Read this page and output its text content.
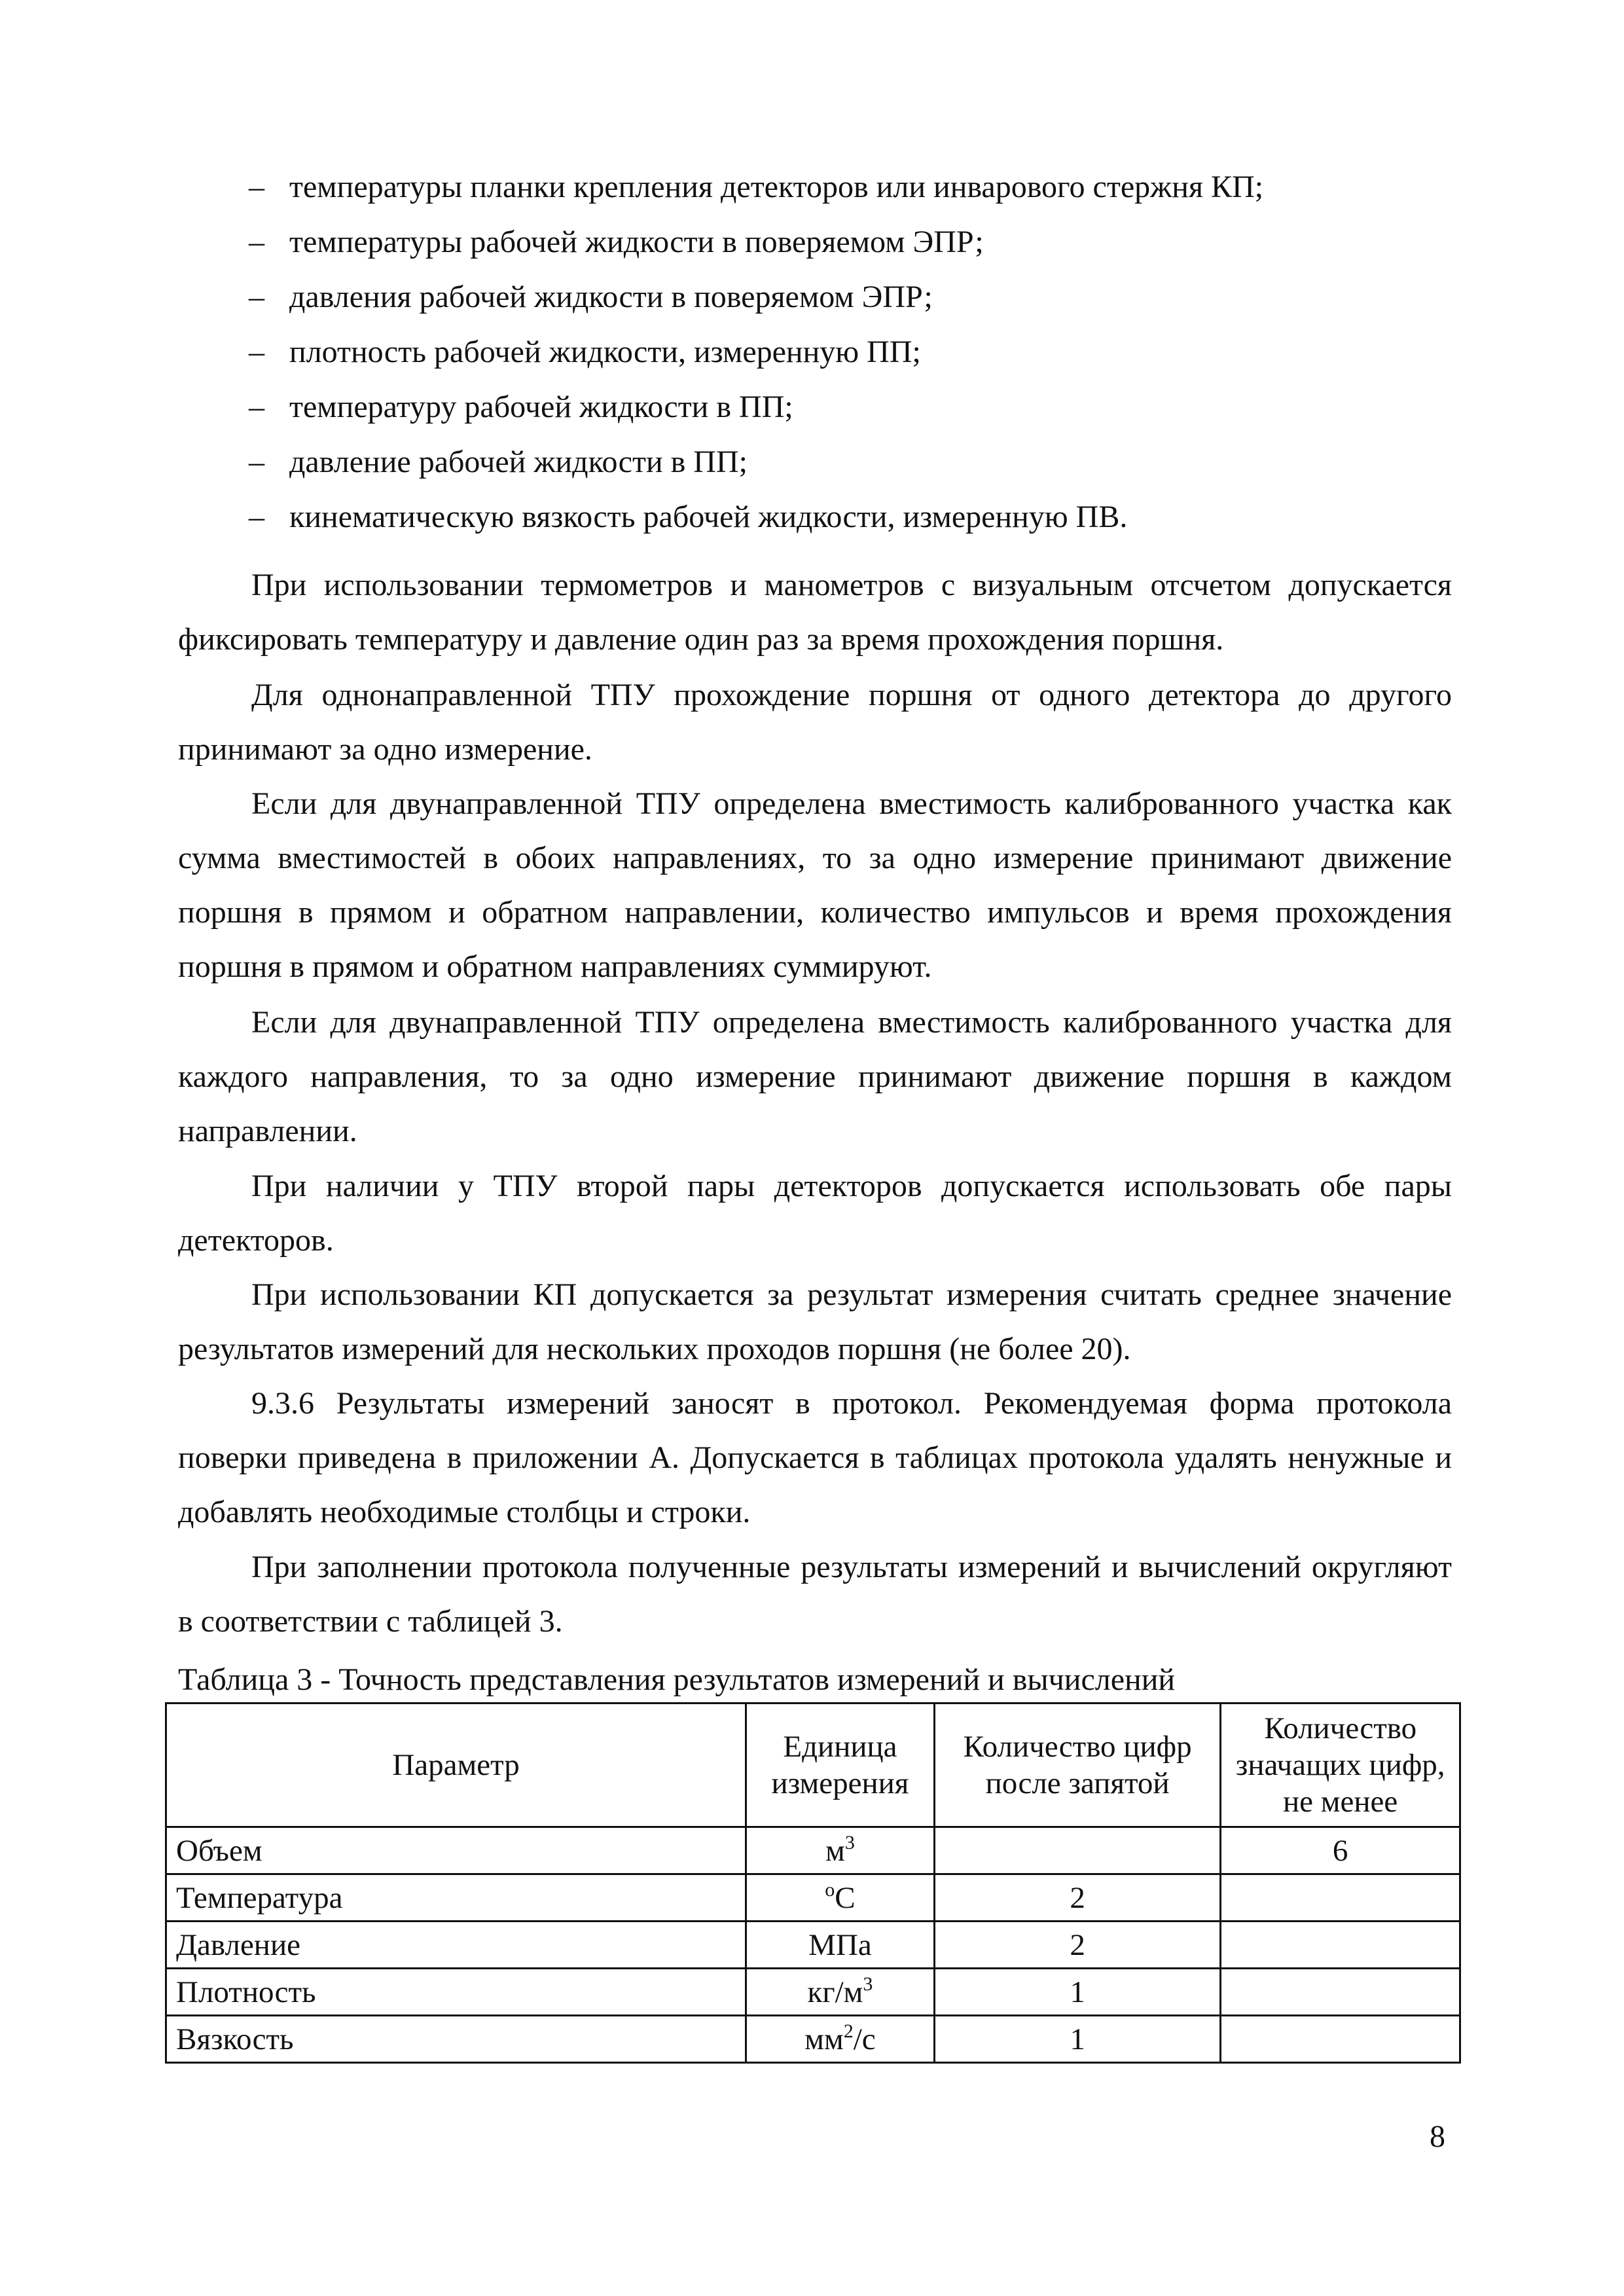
– температуры планки крепления детекторов или инварового стержня КП;
– температуры рабочей жидкости в поверяемом ЭПР;
– давления рабочей жидкости в поверяемом ЭПР;
– плотность рабочей жидкости, измеренную ПП;
– температуру рабочей жидкости в ПП;
– давление рабочей жидкости в ПП;
– кинематическую вязкость рабочей жидкости, измеренную ПВ.

При использовании термометров и манометров с визуальным отсчетом допускается фиксировать температуру и давление один раз за время прохождения поршня.

Для однонаправленной ТПУ прохождение поршня от одного детектора до другого принимают за одно измерение.

Если для двунаправленной ТПУ определена вместимость калиброванного участка как сумма вместимостей в обоих направлениях, то за одно измерение принимают движение поршня в прямом и обратном направлении, количество импульсов и время прохождения поршня в прямом и обратном направлениях суммируют.

Если для двунаправленной ТПУ определена вместимость калиброванного участка для каждого направления, то за одно измерение принимают движение поршня в каждом направлении.

При наличии у ТПУ второй пары детекторов допускается использовать обе пары детекторов.

При использовании КП допускается за результат измерения считать среднее значение результатов измерений для нескольких проходов поршня (не более 20).

9.3.6 Результаты измерений заносят в протокол. Рекомендуемая форма протокола поверки приведена в приложении А. Допускается в таблицах протокола удалять ненужные и добавлять необходимые столбцы и строки.

При заполнении протокола полученные результаты измерений и вычислений округляют в соответствии с таблицей 3.

Таблица 3 - Точность представления результатов измерений и вычислений
Параметр	Единица измерения	Количество цифр после запятой	Количество значащих цифр, не менее
Объем	$м^3$		6
Температура	$^o$С	2	
Давление	МПа	2	
Плотность	$кг/м^3$	1	
Вязкость	$мм^2/с$	1	
8
